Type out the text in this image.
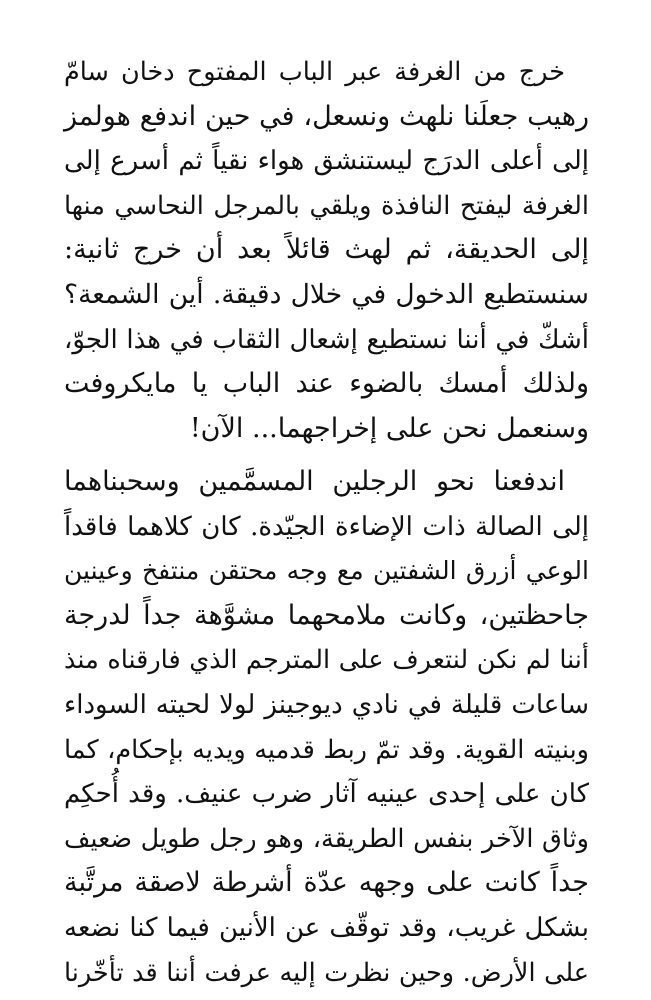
خرج من الغرفة عبر الباب المفتوح دخان سامّ
رهيب جعلَنا نلهث ونسعل، في حين اندفع هولمز
إلى أعلى الدرَج ليستنشق هواء نقياً ثم أسرع إلى
الغرفة ليفتح النافذة ويلقي بالمرجل النحاسي منها
إلى الحديقة، ثم لهث قائلاً بعد أن خرج ثانية:
سنستطيع الدخول في خلال دقيقة. أين الشمعة؟
أشكّ في أننا نستطيع إشعال الثقاب في هذا الجوّ،
ولذلك أمسك بالضوء عند الباب يا مايكروفت
وسنعمل نحن على إخراجهما... الآن!
اندفعنا نحو الرجلين المسمَّمين وسحبناهما
إلى الصالة ذات الإضاءة الجيّدة. كان كلاهما فاقداً
الوعي أزرق الشفتين مع وجه محتقن منتفخ وعينين
جاحظتين، وكانت ملامحهما مشوَّهة جداً لدرجة
أننا لم نكن لنتعرف على المترجم الذي فارقناه منذ
ساعات قليلة في نادي ديوجينز لولا لحيته السوداء
وبنيته القوية. وقد تمّ ربط قدميه ويديه بإحكام، كما
كان على إحدى عينيه آثار ضرب عنيف. وقد أُحكِم
وثاق الآخر بنفس الطريقة، وهو رجل طويل ضعيف
جداً كانت على وجهه عدّة أشرطة لاصقة مرتَّبة
بشكل غريب، وقد توقّف عن الأنين فيما كنا نضعه
على الأرض. وحين نظرت إليه عرفت أننا قد تأخّرنا
